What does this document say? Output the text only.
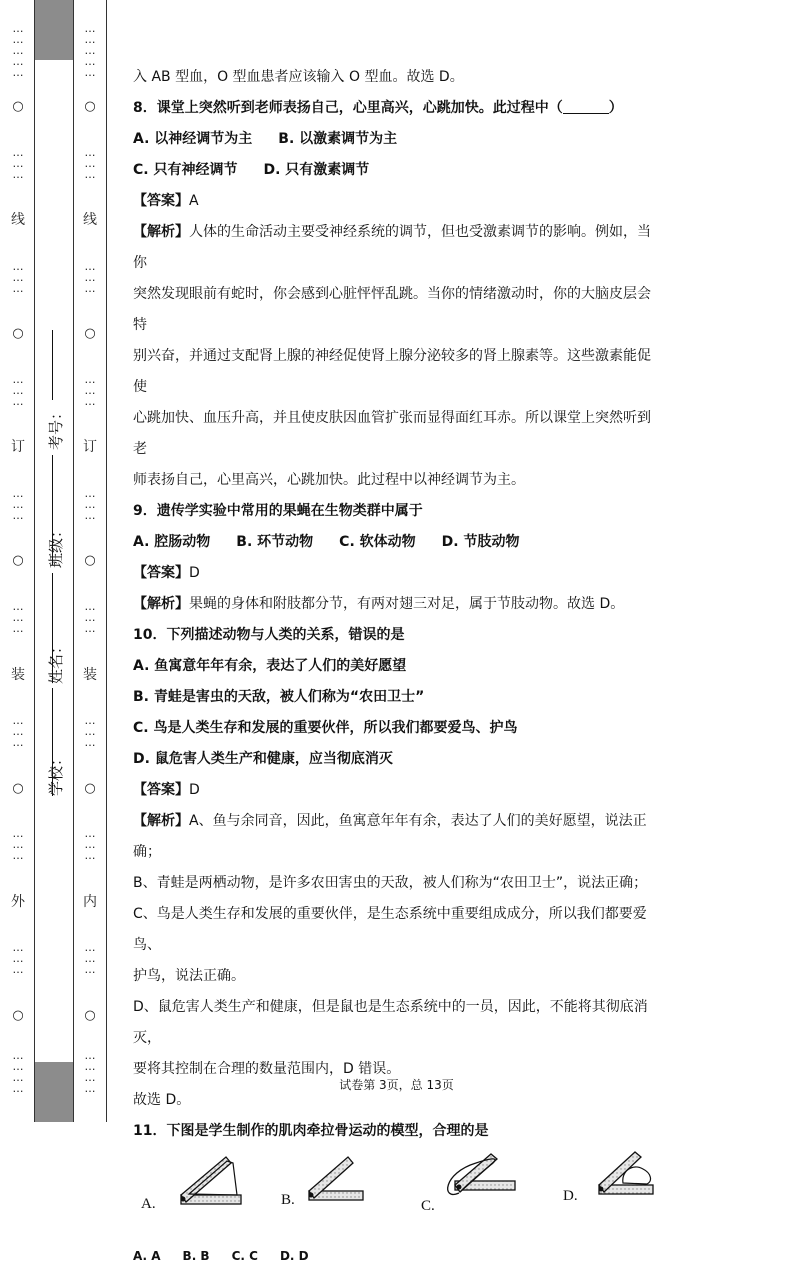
…
…
…
…
…
○
…
…
…
线
…
…
…
○
…
…
…
订
…
…
…
○
…
…
…
装
…
…
…
○
…
…
…
外
…
…
…
○
…
…
…
…
考号：
班级：
姓名：
学校：
…
…
…
…
…
○
…
…
…
线
…
…
…
○
…
…
…
订
…
…
…
○
…
…
…
装
…
…
…
○
…
…
…
内
…
…
…
○
…
…
…
…

入 AB 型血，O 型血患者应该输入 O 型血。故选 D。

8．课堂上突然听到老师表扬自己，心里高兴，心跳加快。此过程中（	）

A. 以神经调节为主 B. 以激素调节为主

C. 只有神经调节 D. 只有激素调节

【答案】A

【解析】人体的生命活动主要受神经系统的调节，但也受激素调节的影响。例如，当你

突然发现眼前有蛇时，你会感到心脏怦怦乱跳。当你的情绪激动时，你的大脑皮层会特

别兴奋，并通过支配肾上腺的神经促使肾上腺分泌较多的肾上腺素等。这些激素能促使

心跳加快、血压升高，并且使皮肤因血管扩张而显得面红耳赤。所以课堂上突然听到老

师表扬自己，心里高兴，心跳加快。此过程中以神经调节为主。

9．遗传学实验中常用的果蝇在生物类群中属于

A. 腔肠动物 B. 环节动物 C. 软体动物 D. 节肢动物

【答案】D

【解析】果蝇的身体和附肢都分节，有两对翅三对足，属于节肢动物。故选 D。

10．下列描述动物与人类的关系，错误的是

A. 鱼寓意年年有余，表达了人们的美好愿望

B. 青蛙是害虫的天敌，被人们称为“农田卫士”

C. 鸟是人类生存和发展的重要伙伴，所以我们都要爱鸟、护鸟

D. 鼠危害人类生产和健康，应当彻底消灭

【答案】D

【解析】A、鱼与余同音，因此，鱼寓意年年有余，表达了人们的美好愿望，说法正确；

B、青蛙是两栖动物，是许多农田害虫的天敌，被人们称为“农田卫士”，说法正确；

C、鸟是人类生存和发展的重要伙伴，是生态系统中重要组成成分，所以我们都要爱鸟、

护鸟，说法正确。

D、鼠危害人类生产和健康，但是鼠也是生态系统中的一员，因此，不能将其彻底消灭，

要将其控制在合理的数量范围内，D 错误。

故选 D。

11．下图是学生制作的肌肉牵拉骨运动的模型，合理的是

A.	B.	C.
D.

A. A B. B C. C D. D

试卷第 3页，总 13页
